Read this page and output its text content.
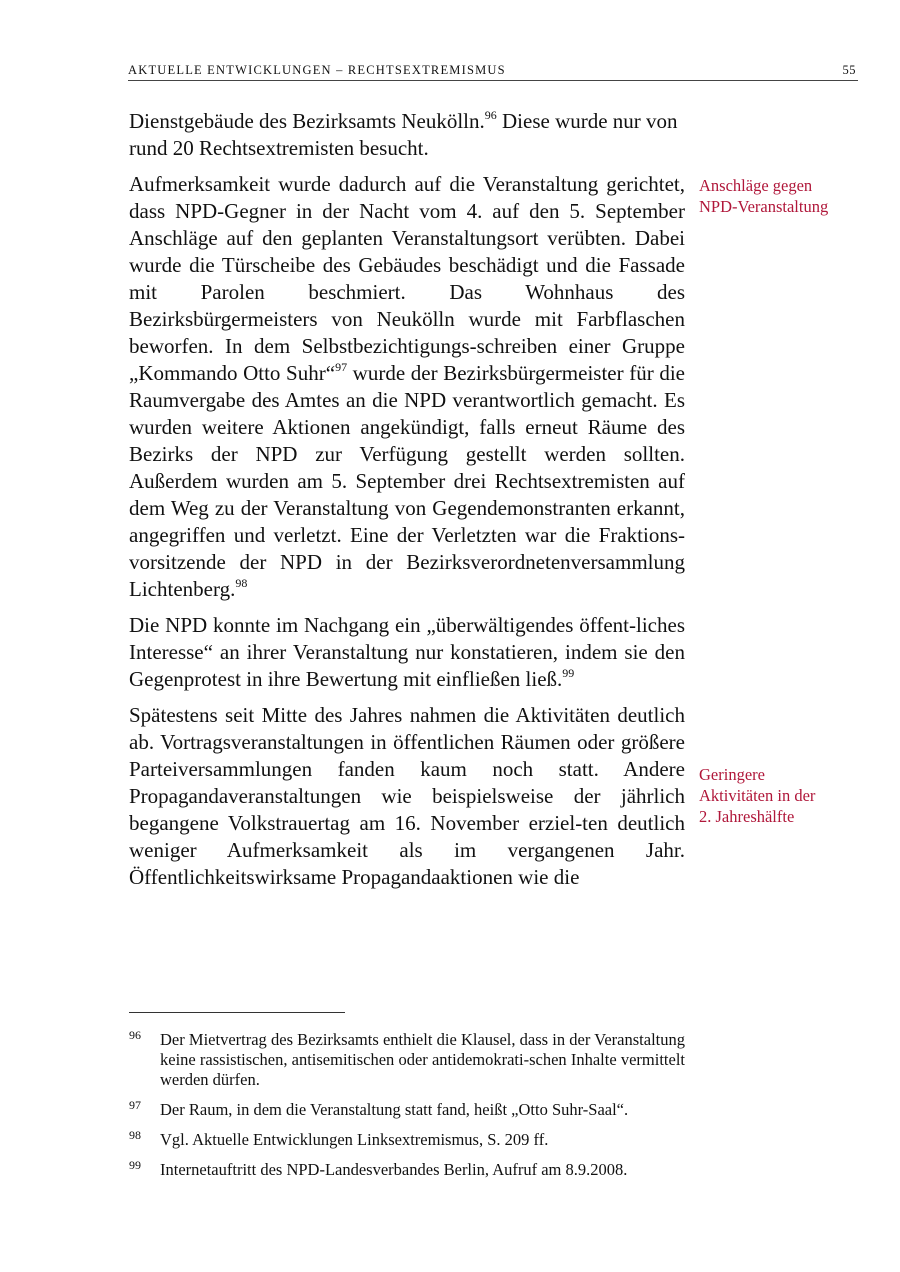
AKTUELLE ENTWICKLUNGEN – RECHTSEXTREMISMUS	55

Dienstgebäude des Bezirksamts Neukölln.$^{96}$ Diese wurde nur von rund 20 Rechtsextremisten besucht.

Aufmerksamkeit wurde dadurch auf die Veranstaltung gerichtet, dass NPD-Gegner in der Nacht vom 4. auf den 5. September Anschläge auf den geplanten Veranstaltungsort verübten. Dabei wurde die Türscheibe des Gebäudes beschädigt und die Fassade mit Parolen beschmiert. Das Wohnhaus des Bezirksbürgermeisters von Neukölln wurde mit Farbflaschen beworfen. In dem Selbstbezichtigungs-schreiben einer Gruppe „Kommando Otto Suhr“$^{97}$ wurde der Bezirksbürgermeister für die Raumvergabe des Amtes an die NPD verantwortlich gemacht. Es wurden weitere Aktionen angekündigt, falls erneut Räume des Bezirks der NPD zur Verfügung gestellt werden sollten. Außerdem wurden am 5. September drei Rechtsextremisten auf dem Weg zu der Veranstaltung von Gegendemonstranten erkannt, angegriffen und verletzt. Eine der Verletzten war die Fraktions-vorsitzende der NPD in der Bezirksverordnetenversammlung Lichtenberg.$^{98}$

Die NPD konnte im Nachgang ein „überwältigendes öffent-liches Interesse“ an ihrer Veranstaltung nur konstatieren, indem sie den Gegenprotest in ihre Bewertung mit einfließen ließ.$^{99}$

Spätestens seit Mitte des Jahres nahmen die Aktivitäten deutlich ab. Vortragsveranstaltungen in öffentlichen Räumen oder größere Parteiversammlungen fanden kaum noch statt. Andere Propagandaveranstaltungen wie beispielsweise der jährlich begangene Volkstrauertag am 16. November erziel-ten deutlich weniger Aufmerksamkeit als im vergangenen Jahr. Öffentlichkeitswirksame Propagandaaktionen wie die

Anschläge gegen
NPD-Veranstaltung
Geringere
Aktivitäten in der
2. Jahreshälfte
96 Der Mietvertrag des Bezirksamts enthielt die Klausel, dass in der Veranstaltung keine rassistischen, antisemitischen oder antidemokrati-schen Inhalte vermittelt werden dürfen.
97 Der Raum, in dem die Veranstaltung statt fand, heißt „Otto Suhr-Saal“.
98 Vgl. Aktuelle Entwicklungen Linksextremismus, S. 209 ff.
99 Internetauftritt des NPD-Landesverbandes Berlin, Aufruf am 8.9.2008.
